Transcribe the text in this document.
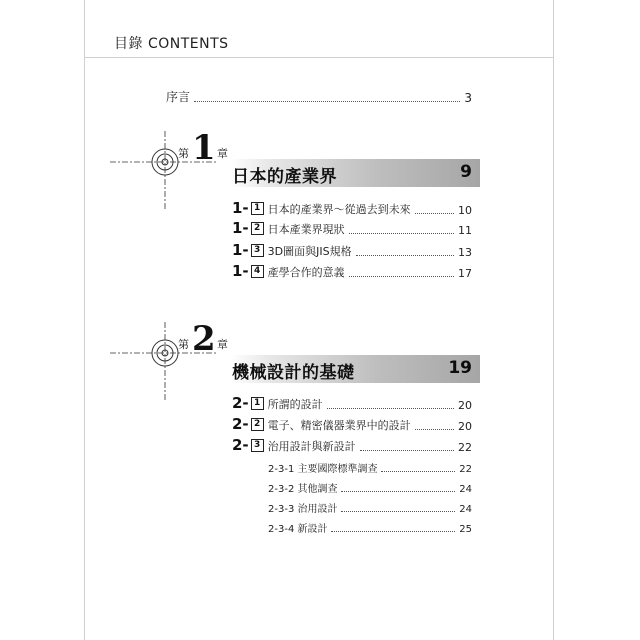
目錄 CONTENTS
序言	3
第 1 章
日本的產業界	9
1- 1 日本的產業界～從過去到未來	10
1- 2 日本產業界現狀	11
1- 3 3D圖面與JIS規格	13
1- 4 產學合作的意義	17
第 2 章
機械設計的基礎	19
2- 1 所謂的設計	20
2- 2 電子、精密儀器業界中的設計	20
2- 3 治用設計與新設計	22
2-3-1 主要國際標準調查	22
2-3-2 其他調查	24
2-3-3 治用設計	24
2-3-4 新設計	25
